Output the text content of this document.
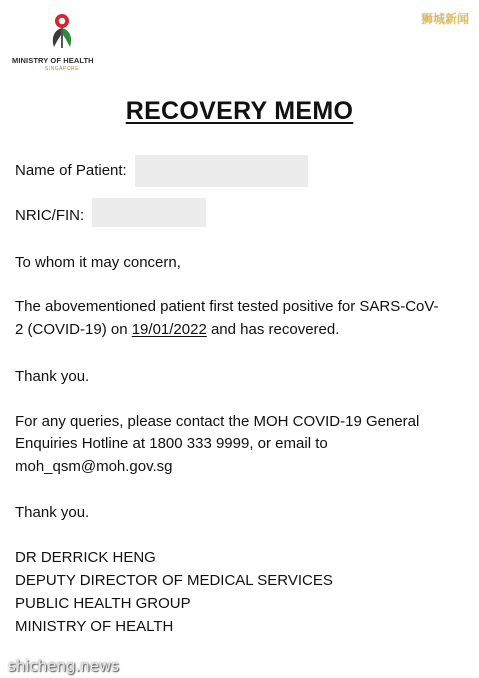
MINISTRY OF HEALTH
SINGAPORE
狮城新闻
RECOVERY MEMO
Name of Patient:
NRIC/FIN:
To whom it may concern,
The abovementioned patient first tested positive for SARS-CoV-
2 (COVID-19) on 19/01/2022 and has recovered.
Thank you.
For any queries, please contact the MOH COVID-19 General
Enquiries Hotline at 1800 333 9999, or email to
moh_qsm@moh.gov.sg
Thank you.
DR DERRICK HENG
DEPUTY DIRECTOR OF MEDICAL SERVICES
PUBLIC HEALTH GROUP
MINISTRY OF HEALTH
shicheng.news
